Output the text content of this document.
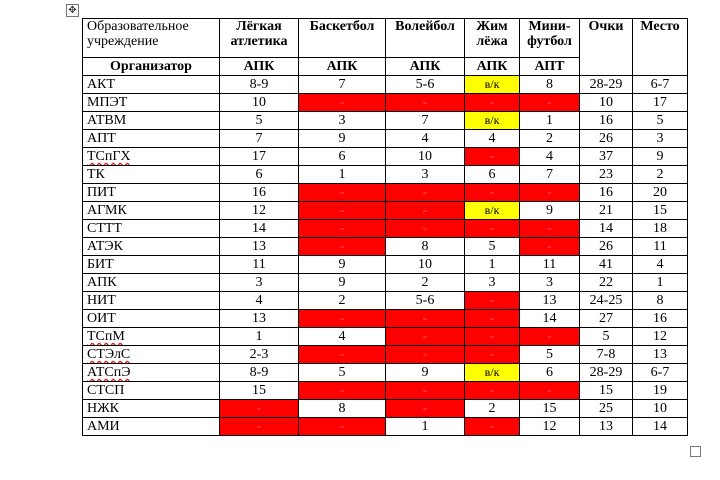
✥
Образовательное учреждение	Лёгкая атлетика	Баскетбол	Волейбол	Жим лёжа	Мини-футбол	Очки	Место
Организатор	АПК	АПК	АПК	АПК	АПТ		
АКТ	8-9	7	5-6	в/к	8	28-29	6-7
МПЭТ	10	-	-	-	-	10	17
АТВМ	5	3	7	в/к	1	16	5
АПТ	7	9	4	4	2	26	3
ТСпГХ	17	6	10	-	4	37	9
ТК	6	1	3	6	7	23	2
ПИТ	16	-	-	-	-	16	20
АГМК	12	-	-	в/к	9	21	15
СТТТ	14	-	-	-	-	14	18
АТЭК	13	-	8	5	-	26	11
БИТ	11	9	10	1	11	41	4
АПК	3	9	2	3	3	22	1
НИТ	4	2	5-6	-	13	24-25	8
ОИТ	13	-	-	-	14	27	16
ТСпМ	1	4	-	-	-	5	12
СТЭлС	2-3	-	-	-	5	7-8	13
АТСпЭ	8-9	5	9	в/к	6	28-29	6-7
СТСП	15	-	-	-	-	15	19
НЖК	-	8	-	2	15	25	10
АМИ	-	-	1	-	12	13	14
